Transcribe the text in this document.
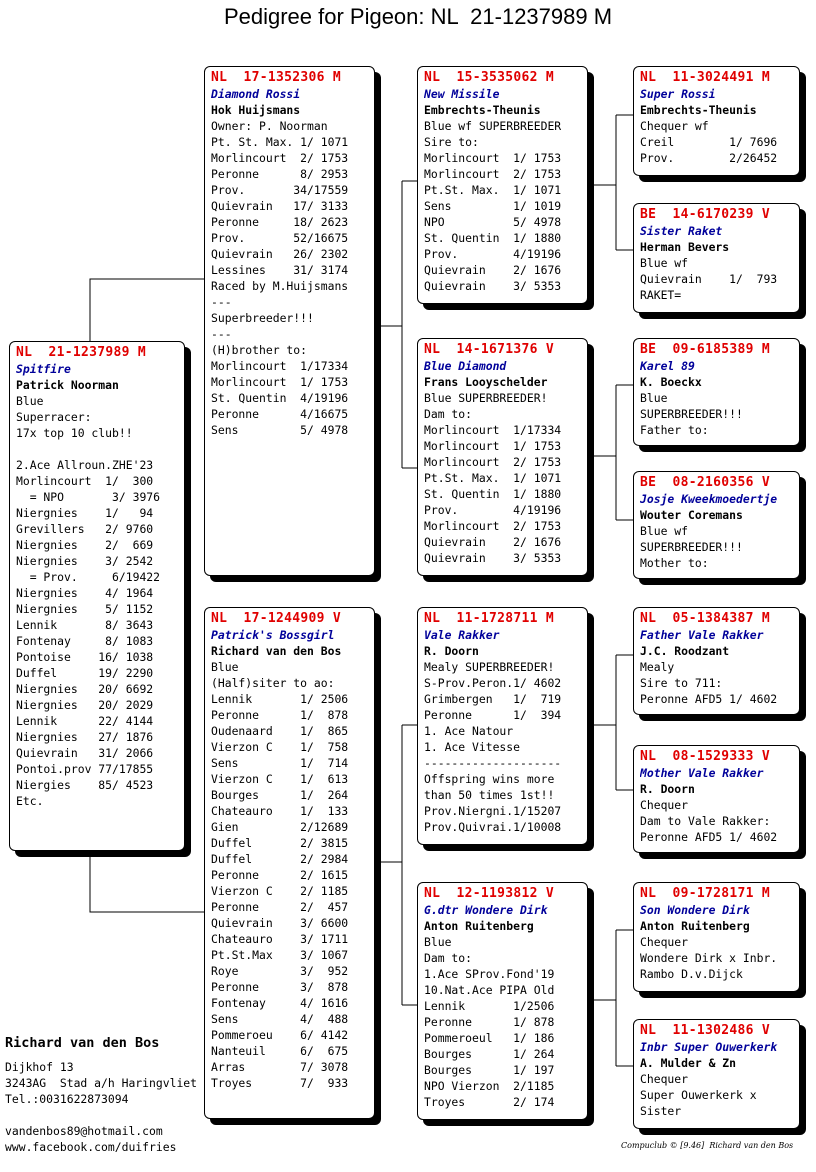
Pedigree for Pigeon: NL  21-1237989 M
NL  21-1237989 M
Spitfire
Patrick Noorman
Blue
Superracer:
17x top 10 club!!
2.Ace Allroun.ZHE'23
Morlincourt  1/  300
= NPO       3/ 3976
Niergnies    1/   94
Grevillers   2/ 9760
Niergnies    2/  669
Niergnies    3/ 2542
= Prov.     6/19422
Niergnies    4/ 1964
Niergnies    5/ 1152
Lennik       8/ 3643
Fontenay     8/ 1083
Pontoise    16/ 1038
Duffel      19/ 2290
Niergnies   20/ 6692
Niergnies   20/ 2029
Lennik      22/ 4144
Niergnies   27/ 1876
Quievrain   31/ 2066
Pontoi.prov 77/17855
Niergies    85/ 4523
Etc.
NL  17-1352306 M
Diamond Rossi
Hok Huijsmans
Owner: P. Noorman
Pt. St. Max. 1/ 1071
Morlincourt  2/ 1753
Peronne      8/ 2953
Prov.       34/17559
Quievrain   17/ 3133
Peronne     18/ 2623
Prov.       52/16675
Quievrain   26/ 2302
Lessines    31/ 3174
Raced by M.Huijsmans
---
Superbreeder!!!
---
(H)brother to:
Morlincourt  1/17334
Morlincourt  1/ 1753
St. Quentin  4/19196
Peronne      4/16675
Sens         5/ 4978
NL  17-1244909 V
Patrick's Bossgirl
Richard van den Bos
Blue
(Half)siter to ao:
Lennik       1/ 2506
Peronne      1/  878
Oudenaard    1/  865
Vierzon C    1/  758
Sens         1/  714
Vierzon C    1/  613
Bourges      1/  264
Chateauro    1/  133
Gien         2/12689
Duffel       2/ 3815
Duffel       2/ 2984
Peronne      2/ 1615
Vierzon C    2/ 1185
Peronne      2/  457
Quievrain    3/ 6600
Chateauro    3/ 1711
Pt.St.Max    3/ 1067
Roye         3/  952
Peronne      3/  878
Fontenay     4/ 1616
Sens         4/  488
Pommeroeu    6/ 4142
Nanteuil     6/  675
Arras        7/ 3078
Troyes       7/  933
NL  15-3535062 M
New Missile
Embrechts-Theunis
Blue wf SUPERBREEDER
Sire to:
Morlincourt  1/ 1753
Morlincourt  2/ 1753
Pt.St. Max.  1/ 1071
Sens         1/ 1019
NPO          5/ 4978
St. Quentin  1/ 1880
Prov.        4/19196
Quievrain    2/ 1676
Quievrain    3/ 5353
NL  14-1671376 V
Blue Diamond
Frans Looyschelder
Blue SUPERBREEDER!
Dam to:
Morlincourt  1/17334
Morlincourt  1/ 1753
Morlincourt  2/ 1753
Pt.St. Max.  1/ 1071
St. Quentin  1/ 1880
Prov.        4/19196
Morlincourt  2/ 1753
Quievrain    2/ 1676
Quievrain    3/ 5353
NL  11-1728711 M
Vale Rakker
R. Doorn
Mealy SUPERBREEDER!
S-Prov.Peron.1/ 4602
Grimbergen   1/  719
Peronne      1/  394
1. Ace Natour
1. Ace Vitesse
--------------------
Offspring wins more
than 50 times 1st!!
Prov.Niergni.1/15207
Prov.Quivrai.1/10008
NL  12-1193812 V
G.dtr Wondere Dirk
Anton Ruitenberg
Blue
Dam to:
1.Ace SProv.Fond'19
10.Nat.Ace PIPA Old
Lennik       1/2506
Peronne      1/ 878
Pommeroeul   1/ 186
Bourges      1/ 264
Bourges      1/ 197
NPO Vierzon  2/1185
Troyes       2/ 174
NL  11-3024491 M
Super Rossi
Embrechts-Theunis
Chequer wf
Creil        1/ 7696
Prov.        2/26452
BE  14-6170239 V
Sister Raket
Herman Bevers
Blue wf
Quievrain    1/  793
RAKET=
BE  09-6185389 M
Karel 89
K. Boeckx
Blue
SUPERBREEDER!!!
Father to:
BE  08-2160356 V
Josje Kweekmoedertje
Wouter Coremans
Blue wf
SUPERBREEDER!!!
Mother to:
NL  05-1384387 M
Father Vale Rakker
J.C. Roodzant
Mealy
Sire to 711:
Peronne AFD5 1/ 4602
NL  08-1529333 V
Mother Vale Rakker
R. Doorn
Chequer
Dam to Vale Rakker:
Peronne AFD5 1/ 4602
NL  09-1728171 M
Son Wondere Dirk
Anton Ruitenberg
Chequer
Wondere Dirk x Inbr.
Rambo D.v.Dijck
NL  11-1302486 V
Inbr Super Ouwerkerk
A. Mulder & Zn
Chequer
Super Ouwerkerk x
Sister
Richard van den Bos
Dijkhof 13
3243AG  Stad a/h Haringvliet
Tel.:0031622873094
vandenbos89@hotmail.com
www.facebook.com/duifries	Compuclub © [9.46]  Richard van den Bos
